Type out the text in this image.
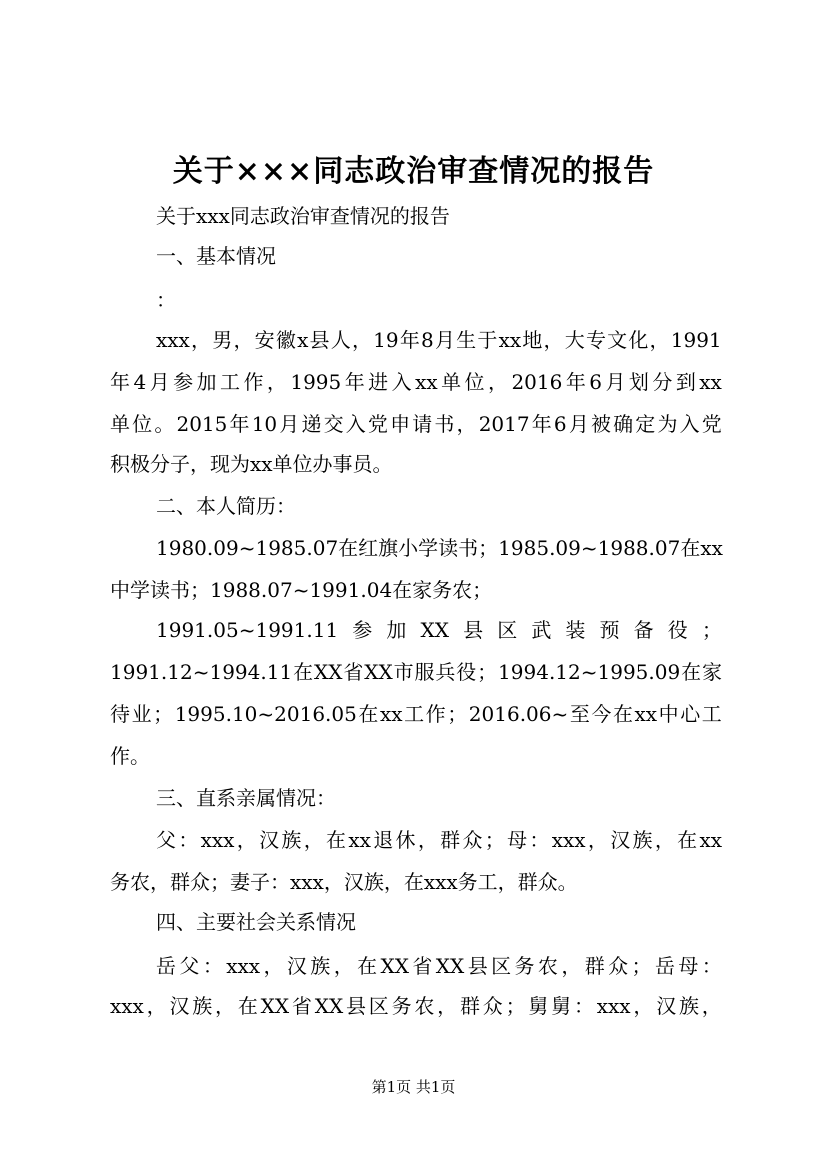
关于×××同志政治审查情况的报告
关于xxx同志政治审查情况的报告
一、基本情况
：
xxx ， 男 ， 安 徽 x 县 人 ， 19 年 8 月 生 于 xx 地 ， 大 专 文 化 ， 1991
年 4 月 参 加 工 作 ， 1995 年 进 入 xx 单 位 ， 2016 年 6 月 划 分 到 xx
单 位 。 2015 年 10 月 递 交 入 党 申 请 书 ， 2017 年 6 月 被 确 定 为 入 党
积极分子，现为xx单位办事员。
二、本人简历：
1980.09~1985.07 在 红 旗 小 学 读 书 ； 1985.09~1988.07 在 xx
中学读书；1988.07~1991.04在家务农；
1991.05~1991.11 参 加 XX 县 区 武 装 预 备 役 ；
1991.12~1994.11 在 XX 省 XX 市 服 兵 役 ； 1994.12~1995.09 在 家
待 业 ； 1995.10~2016.05 在 xx 工 作 ； 2016.06~ 至 今 在 xx 中 心 工
作。
三、直系亲属情况：
父 ： xxx ， 汉 族 ， 在 xx 退 休 ， 群 众 ； 母 ： xxx ， 汉 族 ， 在 xx
务农，群众；妻子：xxx，汉族，在xxx务工，群众。
四、主要社会关系情况
岳 父 ： xxx ， 汉 族 ， 在 XX 省 XX 县 区 务 农 ， 群 众 ； 岳 母 ：
xxx ， 汉 族 ， 在 XX 省 XX 县 区 务 农 ， 群 众 ； 舅 舅 ： xxx ， 汉 族 ，
第1页 共1页
